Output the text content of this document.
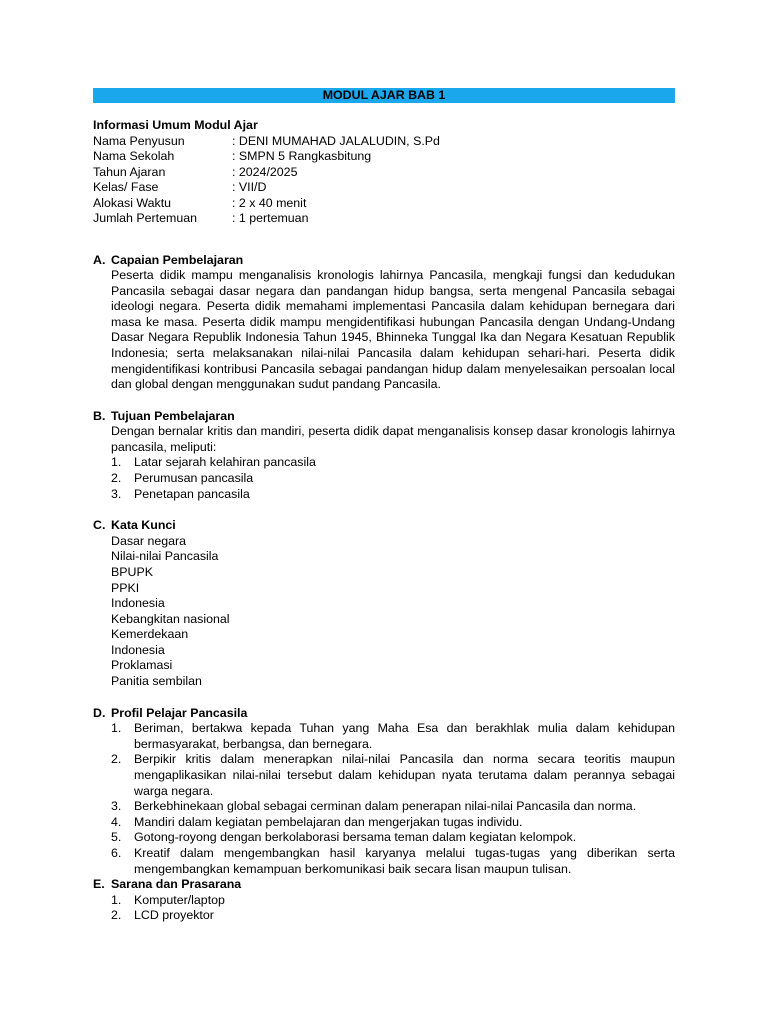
MODUL AJAR BAB 1
Informasi Umum Modul Ajar
Nama Penyusun	: DENI MUMAHAD JALALUDIN, S.Pd
Nama Sekolah	: SMPN 5 Rangkasbitung
Tahun Ajaran	: 2024/2025
Kelas/ Fase	: VII/D
Alokasi Waktu	: 2 x 40 menit
Jumlah Pertemuan	: 1 pertemuan
A. Capaian Pembelajaran
Peserta didik mampu menganalisis kronologis lahirnya Pancasila, mengkaji fungsi dan kedudukan Pancasila sebagai dasar negara dan pandangan hidup bangsa, serta mengenal Pancasila sebagai ideologi negara. Peserta didik memahami implementasi Pancasila dalam kehidupan bernegara dari masa ke masa. Peserta didik mampu mengidentifikasi hubungan Pancasila dengan Undang-Undang Dasar Negara Republik Indonesia Tahun 1945, Bhinneka Tunggal Ika dan Negara Kesatuan Republik Indonesia; serta melaksanakan nilai-nilai Pancasila dalam kehidupan sehari-hari. Peserta didik mengidentifikasi kontribusi Pancasila sebagai pandangan hidup dalam menyelesaikan persoalan local dan global dengan menggunakan sudut pandang Pancasila.
B. Tujuan Pembelajaran
Dengan bernalar kritis dan mandiri, peserta didik dapat menganalisis konsep dasar kronologis lahirnya pancasila, meliputi:
1.	Latar sejarah kelahiran pancasila
2.	Perumusan pancasila
3.	Penetapan pancasila
C. Kata Kunci
Dasar negara
Nilai-nilai Pancasila
BPUPK
PPKI
Indonesia
Kebangkitan nasional
Kemerdekaan
Indonesia
Proklamasi
Panitia sembilan
D. Profil Pelajar Pancasila
1.	Beriman, bertakwa kepada Tuhan yang Maha Esa dan berakhlak mulia dalam kehidupan bermasyarakat, berbangsa, dan bernegara.
2.	Berpikir kritis dalam menerapkan nilai-nilai Pancasila dan norma secara teoritis maupun mengaplikasikan nilai-nilai tersebut dalam kehidupan nyata terutama dalam perannya sebagai warga negara.
3.	Berkebhinekaan global sebagai cerminan dalam penerapan nilai-nilai Pancasila dan norma.
4.	Mandiri dalam kegiatan pembelajaran dan mengerjakan tugas individu.
5.	Gotong-royong dengan berkolaborasi bersama teman dalam kegiatan kelompok.
6.	Kreatif dalam mengembangkan hasil karyanya melalui tugas-tugas yang diberikan serta mengembangkan kemampuan berkomunikasi baik secara lisan maupun tulisan.
E. Sarana dan Prasarana
1.	Komputer/laptop
2.	LCD proyektor
